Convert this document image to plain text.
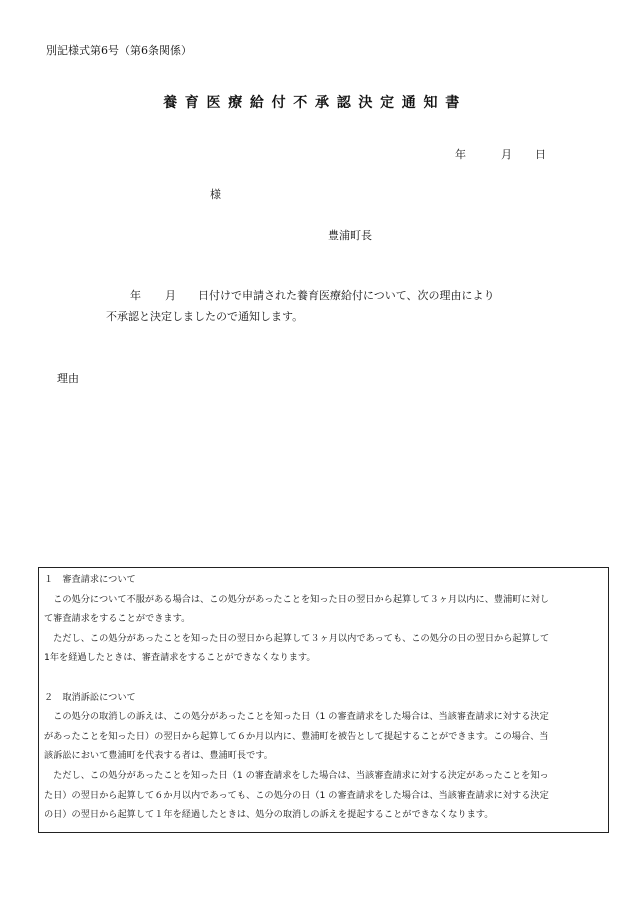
別記様式第6号（第6条関係）
養育医療給付不承認決定通知書
年	月 日
様
豊浦町長
年 月 日付けで申請された養育医療給付について、次の理由により
不承認と決定しましたので通知します。
理由

１　審査請求について

　この処分について不服がある場合は、この処分があったことを知った日の翌日から起算して３ヶ月以内に、豊浦町に対し

て審査請求をすることができます。

　ただし、この処分があったことを知った日の翌日から起算して３ヶ月以内であっても、この処分の日の翌日から起算して

1年を経過したときは、審査請求をすることができなくなります。

２　取消訴訟について

　この処分の取消しの訴えは、この処分があったことを知った日（1 の審査請求をした場合は、当該審査請求に対する決定

があったことを知った日）の翌日から起算して６か月以内に、豊浦町を被告として提起することができます。この場合、当

該訴訟において豊浦町を代表する者は、豊浦町長です。

　ただし、この処分があったことを知った日（1 の審査請求をした場合は、当該審査請求に対する決定があったことを知っ

た日）の翌日から起算して６か月以内であっても、この処分の日（1 の審査請求をした場合は、当該審査請求に対する決定

の日）の翌日から起算して１年を経過したときは、処分の取消しの訴えを提起することができなくなります。
